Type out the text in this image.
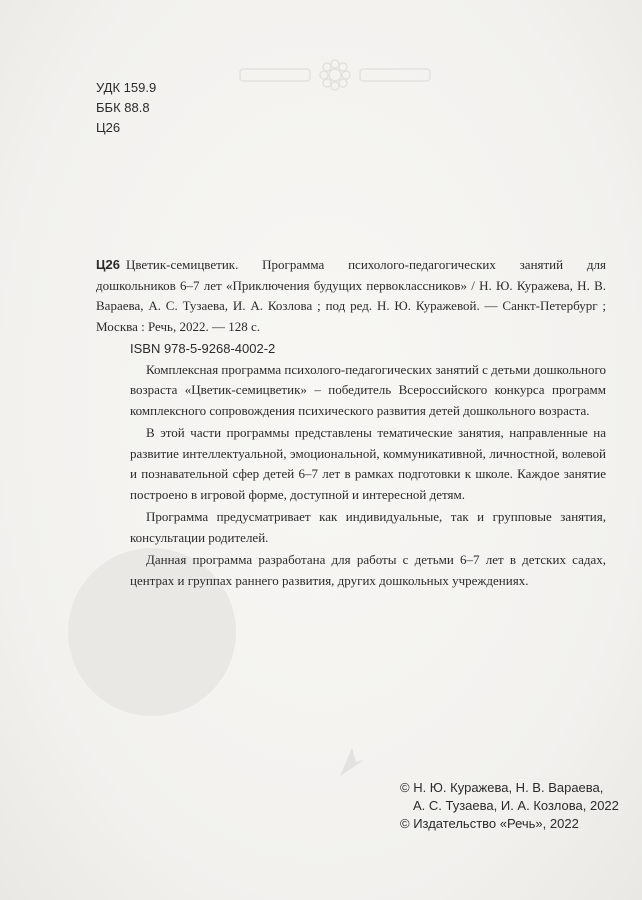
УДК 159.9
ББК 88.8
Ц26

Ц26 Цветик-семицветик. Программа психолого-педагогических занятий для дошкольников 6–7 лет «Приключения будущих первоклассников» / Н. Ю. Куражева, Н. В. Вараева, А. С. Тузаева, И. А. Козлова ; под ред. Н. Ю. Куражевой. — Санкт-Петербург ; Москва : Речь, 2022. — 128 с.

ISBN 978-5-9268-4002-2

Комплексная программа психолого-педагогических занятий с детьми дошкольного возраста «Цветик-семицветик» – победитель Всероссийского конкурса программ комплексного сопровождения психического развития детей дошкольного возраста.

В этой части программы представлены тематические занятия, направленные на развитие интеллектуальной, эмоциональной, коммуникативной, личностной, волевой и познавательной сфер детей 6–7 лет в рамках подготовки к школе. Каждое занятие построено в игровой форме, доступной и интересной детям.

Программа предусматривает как индивидуальные, так и групповые занятия, консультации родителей.

Данная программа разработана для работы с детьми 6–7 лет в детских садах, центрах и группах раннего развития, других дошкольных учреждениях.

© Н. Ю. Куражева, Н. В. Вараева,
А. С. Тузаева, И. А. Козлова, 2022
© Издательство «Речь», 2022
